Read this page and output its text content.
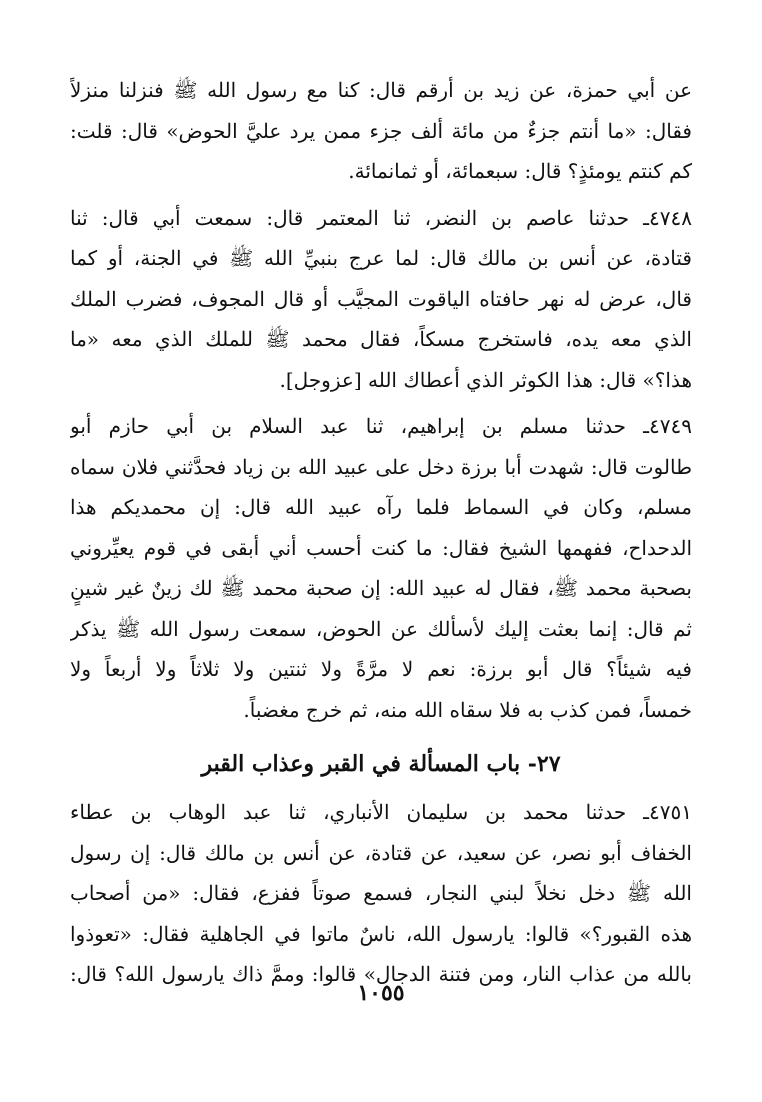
عن أبي حمزة، عن زيد بن أرقم قال: كنا مع رسول الله ﷺ فنزلنا منزلاً
فقال: «ما أنتم جزءٌ من مائة ألف جزء ممن يرد عليَّ الحوض» قال: قلت:
كم كنتم يومئذٍ؟ قال: سبعمائة، أو ثمانمائة.
٤٧٤٨ـ حدثنا عاصم بن النضر، ثنا المعتمر قال: سمعت أبي قال: ثنا
قتادة، عن أنس بن مالك قال: لما عرج بنبيِّ الله ﷺ في الجنة، أو كما
قال، عرض له نهر حافتاه الياقوت المجيَّب أو قال المجوف، فضرب الملك
الذي معه يده، فاستخرج مسكاً، فقال محمد ﷺ للملك الذي معه «ما
هذا؟» قال: هذا الكوثر الذي أعطاك الله [عزوجل].
٤٧٤٩ـ حدثنا مسلم بن إبراهيم، ثنا عبد السلام بن أبي حازم أبو
طالوت قال: شهدت أبا برزة دخل على عبيد الله بن زياد فحدَّثني فلان سماه
مسلم، وكان في السماط فلما رآه عبيد الله قال: إن محمديكم هذا
الدحداح، ففهمها الشيخ فقال: ما كنت أحسب أني أبقى في قوم يعيِّروني
بصحبة محمد ﷺ، فقال له عبيد الله: إن صحبة محمد ﷺ لك زينٌ غير شينٍ
ثم قال: إنما بعثت إليك لأسألك عن الحوض، سمعت رسول الله ﷺ يذكر
فيه شيئاً؟ قال أبو برزة: نعم لا مرَّةً ولا ثنتين ولا ثلاثاً ولا أربعاً ولا
خمساً، فمن كذب به فلا سقاه الله منه، ثم خرج مغضباً.
٢٧- باب المسألة في القبر وعذاب القبر
٤٧٥١ـ حدثنا محمد بن سليمان الأنباري، ثنا عبد الوهاب بن عطاء
الخفاف أبو نصر، عن سعيد، عن قتادة، عن أنس بن مالك قال: إن رسول
الله ﷺ دخل نخلاً لبني النجار، فسمع صوتاً ففزع، فقال: «من أصحاب
هذه القبور؟» قالوا: يارسول الله، ناسٌ ماتوا في الجاهلية فقال: «تعوذوا
بالله من عذاب النار، ومن فتنة الدجال» قالوا: وممَّ ذاك يارسول الله؟ قال:
١٠٥٥
